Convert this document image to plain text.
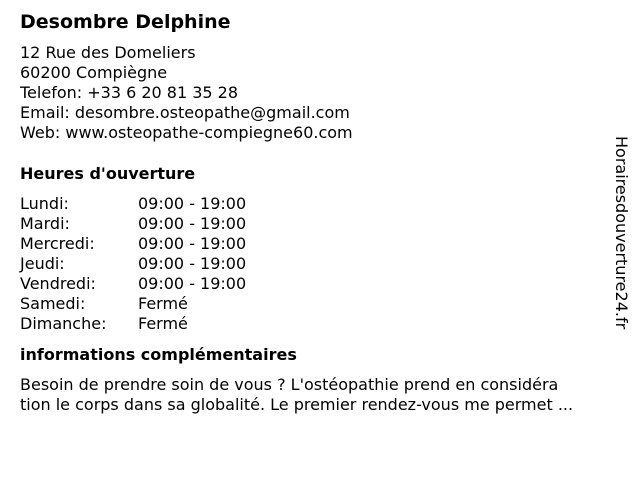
Desombre Delphine
12 Rue des Domeliers
60200 Compiègne
Telefon: +33 6 20 81 35 28
Email: desombre.osteopathe@gmail.com
Web: www.osteopathe-compiegne60.com
Heures d'ouverture
Lundi:	09:00 - 19:00
Mardi:	09:00 - 19:00
Mercredi:	09:00 - 19:00
Jeudi:	09:00 - 19:00
Vendredi:	09:00 - 19:00
Samedi:	Fermé
Dimanche:	Fermé
informations complémentaires
Besoin de prendre soin de vous ? L'ostéopathie prend en considéra
tion le corps dans sa globalité. Le premier rendez-vous me permet ...
Horairesdouverture24.fr
